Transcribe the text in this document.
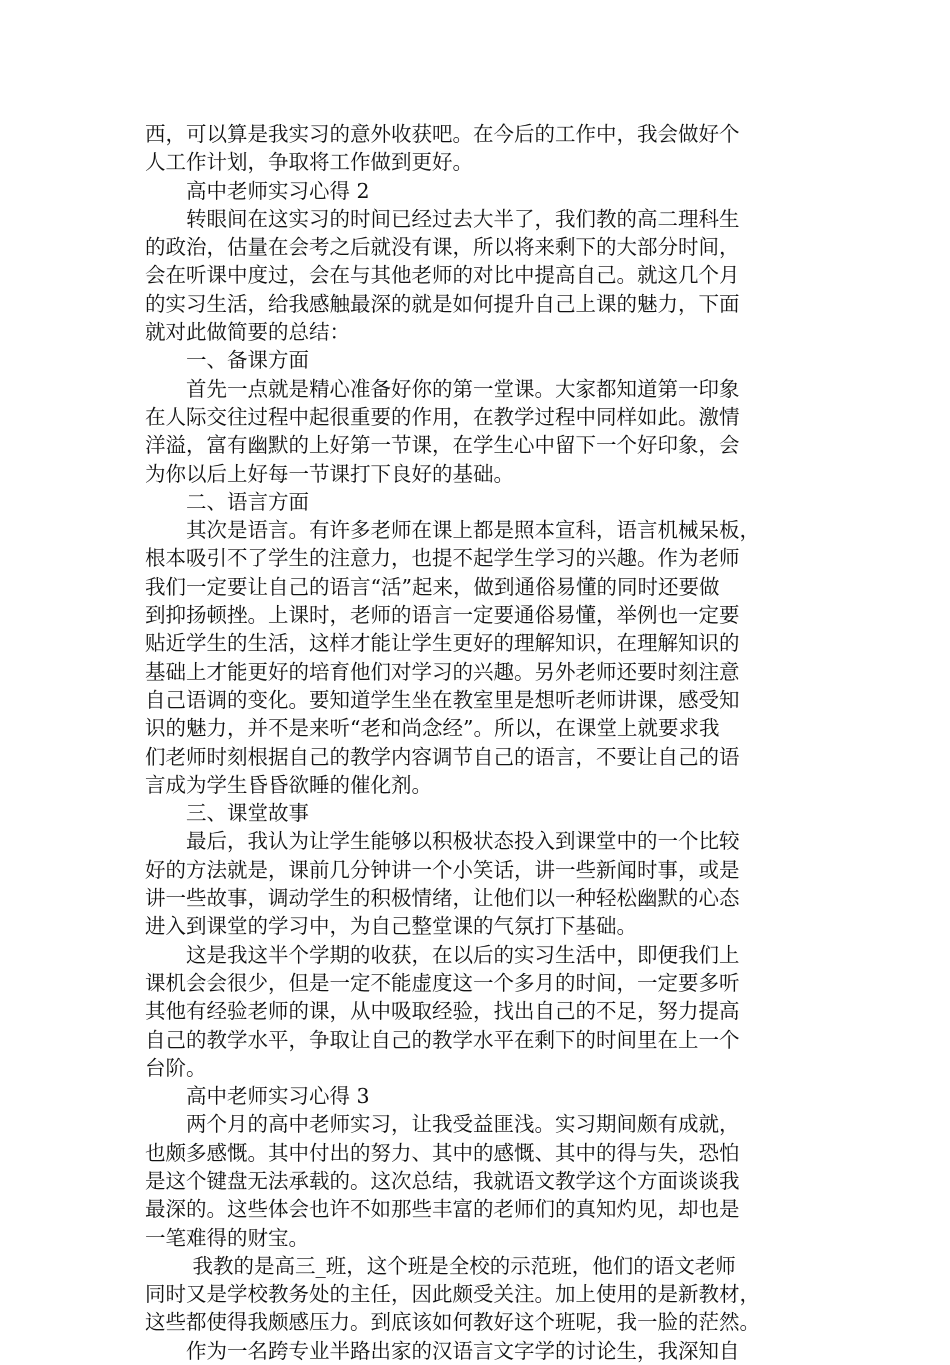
西，可以算是我实习的意外收获吧。在今后的工作中，我会做好个
人工作计划，争取将工作做到更好。
　　高中老师实习心得 2
　　转眼间在这实习的时间已经过去大半了，我们教的高二理科生
的政治，估量在会考之后就没有课，所以将来剩下的大部分时间，
会在听课中度过，会在与其他老师的对比中提高自己。就这几个月
的实习生活，给我感触最深的就是如何提升自己上课的魅力，下面
就对此做简要的总结：
　　一、备课方面
　　首先一点就是精心准备好你的第一堂课。大家都知道第一印象
在人际交往过程中起很重要的作用，在教学过程中同样如此。激情
洋溢，富有幽默的上好第一节课，在学生心中留下一个好印象，会
为你以后上好每一节课打下良好的基础。
　　二、语言方面
　　其次是语言。有许多老师在课上都是照本宣科，语言机械呆板，
根本吸引不了学生的注意力，也提不起学生学习的兴趣。作为老师
我们一定要让自己的语言“活”起来，做到通俗易懂的同时还要做
到抑扬顿挫。上课时，老师的语言一定要通俗易懂，举例也一定要
贴近学生的生活，这样才能让学生更好的理解知识，在理解知识的
基础上才能更好的培育他们对学习的兴趣。另外老师还要时刻注意
自己语调的变化。要知道学生坐在教室里是想听老师讲课，感受知
识的魅力，并不是来听“老和尚念经”。所以，在课堂上就要求我
们老师时刻根据自己的教学内容调节自己的语言，不要让自己的语
言成为学生昏昏欲睡的催化剂。
　　三、课堂故事
　　最后，我认为让学生能够以积极状态投入到课堂中的一个比较
好的方法就是，课前几分钟讲一个小笑话，讲一些新闻时事，或是
讲一些故事，调动学生的积极情绪，让他们以一种轻松幽默的心态
进入到课堂的学习中，为自己整堂课的气氛打下基础。
　　这是我这半个学期的收获，在以后的实习生活中，即便我们上
课机会会很少，但是一定不能虚度这一个多月的时间，一定要多听
其他有经验老师的课，从中吸取经验，找出自己的不足，努力提高
自己的教学水平，争取让自己的教学水平在剩下的时间里在上一个
台阶。
　　高中老师实习心得 3
　　两个月的高中老师实习，让我受益匪浅。实习期间颇有成就，
也颇多感慨。其中付出的努力、其中的感慨、其中的得与失，恐怕
是这个键盘无法承载的。这次总结，我就语文教学这个方面谈谈我
最深的。这些体会也许不如那些丰富的老师们的真知灼见，却也是
一笔难得的财宝。
　　 我教的是高三_班，这个班是全校的示范班，他们的语文老师
同时又是学校教务处的主任，因此颇受关注。加上使用的是新教材，
这些都使得我颇感压力。到底该如何教好这个班呢，我一脸的茫然。
　　作为一名跨专业半路出家的汉语言文字学的讨论生，我深知自
